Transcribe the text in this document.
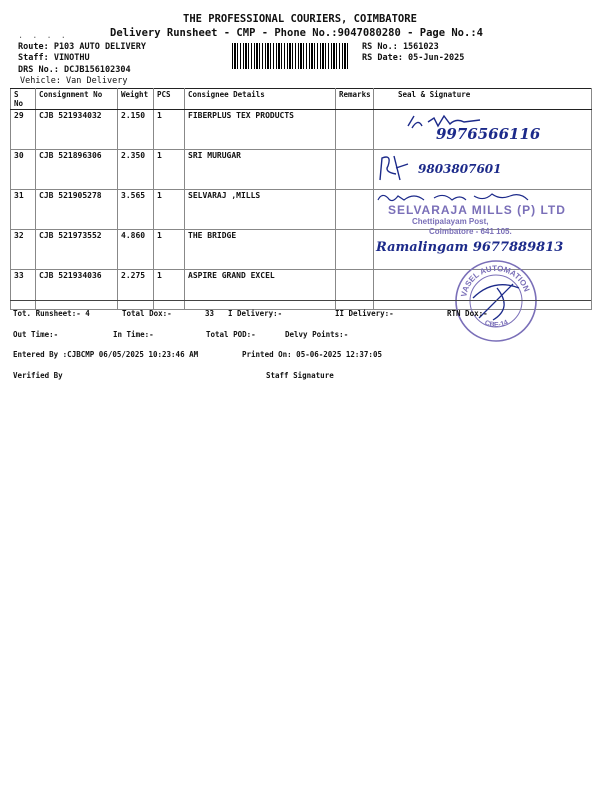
THE PROFESSIONAL COURIERS, COIMBATORE
Delivery Runsheet - CMP - Phone No.:9047080280 - Page No.:4
. . . .
Route: P103 AUTO DELIVERY
Staff: VINOTHU
DRS No.: DCJB156102304
Vehicle: Van Delivery
RS No.: 1561023
RS Date: 05-Jun-2025
S No	Consignment No	Weight	PCS	Consignee Details	Remarks	Seal & Signature
29	CJB 521934032	2.150	1	FIBERPLUS TEX PRODUCTS		9976566116

30	CJB 521896306	2.350	1	SRI MURUGAR		9803807601

31	CJB 521905278	3.565	1	SELVARAJ ,MILLS		SELVARAJA MILLS (P) LTD
Chettipalayam Post,
Coimbatore - 641 105.

32	CJB 521973552	4.860	1	THE BRIDGE		Ramalingam 9677889813

33	CJB 521934036	2.275	1	ASPIRE GRAND EXCEL		
VASEL AUTOMATION
CBE-14
Tot. Runsheet:- 4	Total Dox:-	33 I Delivery:-	II Delivery:-	RTN Dox:-
Out Time:-	In Time:-	Total POD:-	Delvy Points:-
Entered By :CJBCMP 06/05/2025 10:23:46 AM	Printed On: 05-06-2025 12:37:05
Verified By	Staff Signature
